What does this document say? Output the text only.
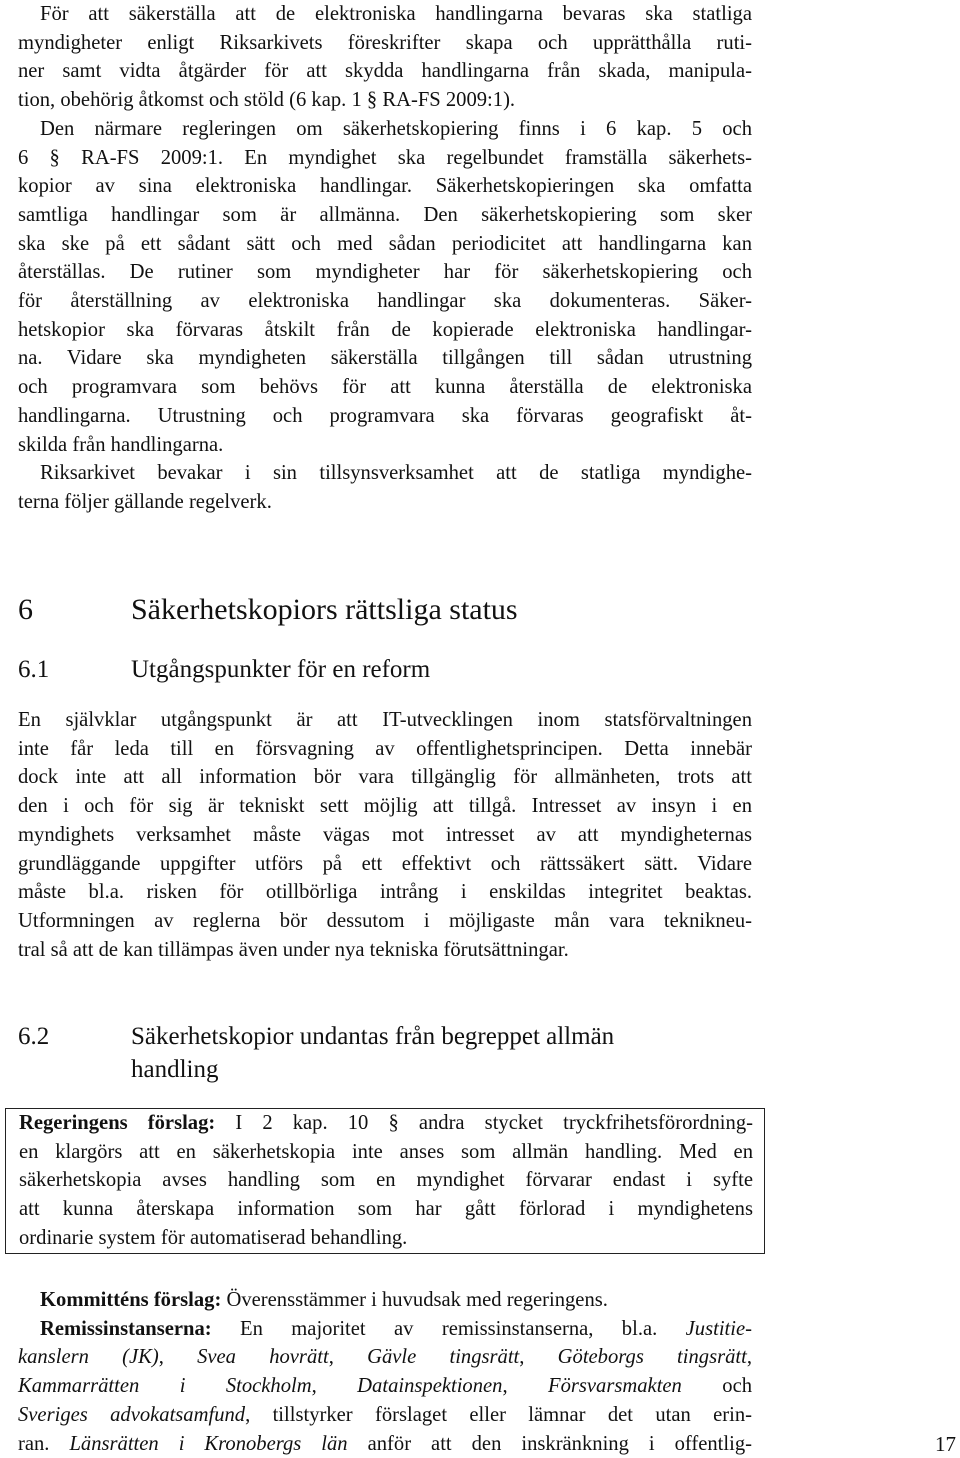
För att säkerställa att de elektroniska handlingarna bevaras ska statliga

myndigheter enligt Riksarkivets föreskrifter skapa och upprätthålla ruti-

ner samt vidta åtgärder för att skydda handlingarna från skada, manipula-

tion, obehörig åtkomst och stöld (6 kap. 1 § RA-FS 2009:1).

Den närmare regleringen om säkerhetskopiering finns i 6 kap. 5 och

6 § RA-FS 2009:1. En myndighet ska regelbundet framställa säkerhets-

kopior av sina elektroniska handlingar. Säkerhetskopieringen ska omfatta

samtliga handlingar som är allmänna. Den säkerhetskopiering som sker

ska ske på ett sådant sätt och med sådan periodicitet att handlingarna kan

återställas. De rutiner som myndigheter har för säkerhetskopiering och

för återställning av elektroniska handlingar ska dokumenteras. Säker-

hetskopior ska förvaras åtskilt från de kopierade elektroniska handlingar-

na. Vidare ska myndigheten säkerställa tillgången till sådan utrustning

och programvara som behövs för att kunna återställa de elektroniska

handlingarna. Utrustning och programvara ska förvaras geografiskt åt-

skilda från handlingarna.

Riksarkivet bevakar i sin tillsynsverksamhet att de statliga myndighe-

terna följer gällande regelverk.

6	Säkerhetskopiors rättsliga status
6.1	Utgångspunkter för en reform

En självklar utgångspunkt är att IT-utvecklingen inom statsförvaltningen

inte får leda till en försvagning av offentlighetsprincipen. Detta innebär

dock inte att all information bör vara tillgänglig för allmänheten, trots att

den i och för sig är tekniskt sett möjlig att tillgå. Intresset av insyn i en

myndighets verksamhet måste vägas mot intresset av att myndigheternas

grundläggande uppgifter utförs på ett effektivt och rättssäkert sätt. Vidare

måste bl.a. risken för otillbörliga intrång i enskildas integritet beaktas.

Utformningen av reglerna bör dessutom i möjligaste mån vara teknikneu-

tral så att de kan tillämpas även under nya tekniska förutsättningar.

6.2	Säkerhetskopior undantas från begreppet allmän
handling

Regeringens förslag: I 2 kap. 10 § andra stycket tryckfrihetsförordning-

en klargörs att en säkerhetskopia inte anses som allmän handling. Med en

säkerhetskopia avses handling som en myndighet förvarar endast i syfte

att kunna återskapa information som har gått förlorad i myndighetens

ordinarie system för automatiserad behandling.

Kommitténs förslag: Överensstämmer i huvudsak med regeringens.

Remissinstanserna: En majoritet av remissinstanserna, bl.a. Justitie-

kanslern (JK), Svea hovrätt, Gävle tingsrätt, Göteborgs tingsrätt,

Kammarrätten i Stockholm, Datainspektionen, Försvarsmakten och

Sveriges advokatsamfund, tillstyrker förslaget eller lämnar det utan erin-

ran. Länsrätten i Kronobergs län anför att den inskränkning i offentlig-	17
